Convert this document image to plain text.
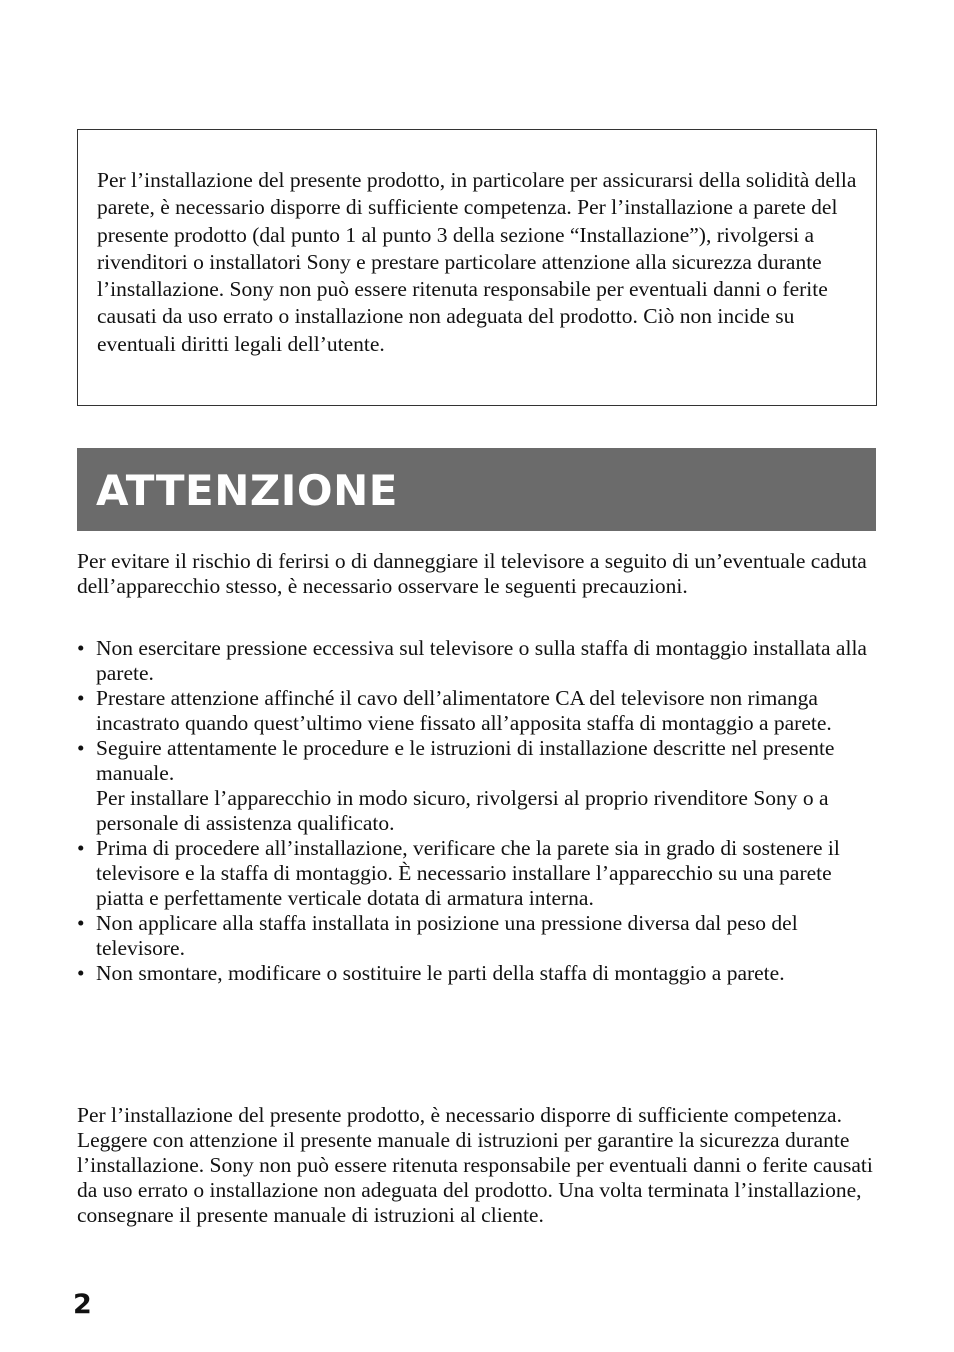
Per l’installazione del presente prodotto, in particolare per assicurarsi della solidità della parete, è necessario disporre di sufficiente competenza. Per l’installazione a parete del presente prodotto (dal punto 1 al punto 3 della sezione “Installazione”), rivolgersi a rivenditori o installatori Sony e prestare particolare attenzione alla sicurezza durante l’installazione. Sony non può essere ritenuta responsabile per eventuali danni o ferite causati da uso errato o installazione non adeguata del prodotto. Ciò non incide su eventuali diritti legali dell’utente.

ATTENZIONE

Per evitare il rischio di ferirsi o di danneggiare il televisore a seguito di un’eventuale caduta dell’apparecchio stesso, è necessario osservare le seguenti precauzioni.

• Non esercitare pressione eccessiva sul televisore o sulla staffa di montaggio installata alla parete.
• Prestare attenzione affinché il cavo dell’alimentatore CA del televisore non rimanga incastrato quando quest’ultimo viene fissato all’apposita staffa di montaggio a parete.
• Seguire attentamente le procedure e le istruzioni di installazione descritte nel presente manuale.
Per installare l’apparecchio in modo sicuro, rivolgersi al proprio rivenditore Sony o a personale di assistenza qualificato.
• Prima di procedere all’installazione, verificare che la parete sia in grado di sostenere il televisore e la staffa di montaggio. È necessario installare l’apparecchio su una parete piatta e perfettamente verticale dotata di armatura interna.
• Non applicare alla staffa installata in posizione una pressione diversa dal peso del televisore.
• Non smontare, modificare o sostituire le parti della staffa di montaggio a parete.

Per l’installazione del presente prodotto, è necessario disporre di sufficiente competenza. Leggere con attenzione il presente manuale di istruzioni per garantire la sicurezza durante l’installazione. Sony non può essere ritenuta responsabile per eventuali danni o ferite causati da uso errato o installazione non adeguata del prodotto. Una volta terminata l’installazione, consegnare il presente manuale di istruzioni al cliente.

2
